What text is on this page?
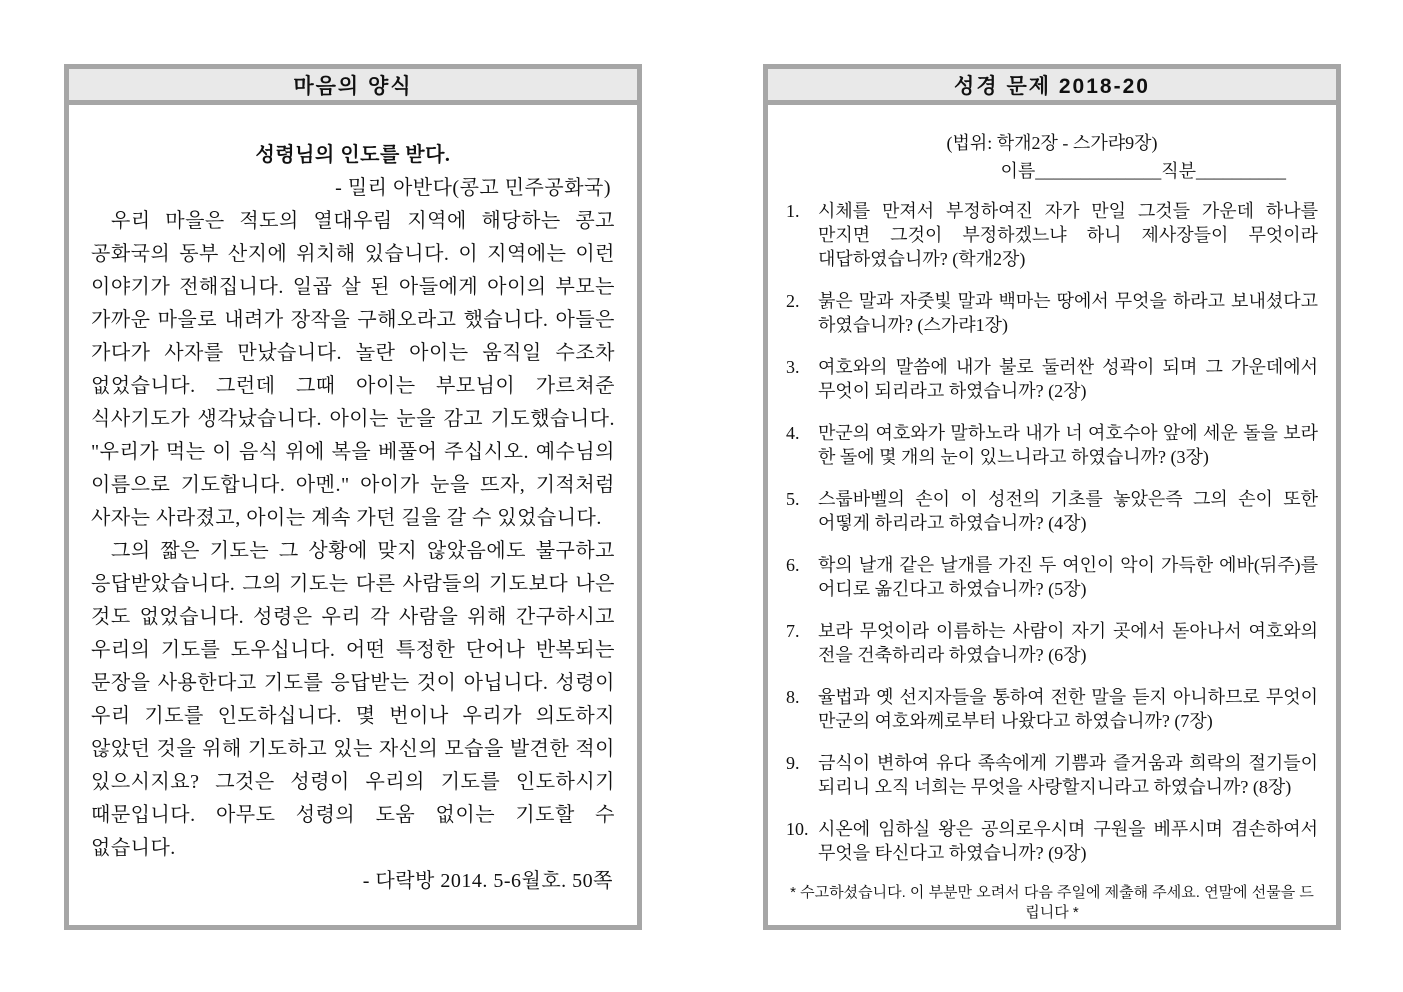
마음의 양식
성령님의 인도를 받다.
- 밀리 아반다(콩고 민주공화국)

우리 마을은 적도의 열대우림 지역에 해당하는 콩고 공화국의 동부 산지에 위치해 있습니다. 이 지역에는 이런 이야기가 전해집니다. 일곱 살 된 아들에게 아이의 부모는 가까운 마을로 내려가 장작을 구해오라고 했습니다. 아들은 가다가 사자를 만났습니다. 놀란 아이는 움직일 수조차 없었습니다. 그런데 그때 아이는 부모님이 가르쳐준 식사기도가 생각났습니다. 아이는 눈을 감고 기도했습니다. "우리가 먹는 이 음식 위에 복을 베풀어 주십시오. 예수님의 이름으로 기도합니다. 아멘." 아이가 눈을 뜨자, 기적처럼 사자는 사라졌고, 아이는 계속 가던 길을 갈 수 있었습니다.

그의 짧은 기도는 그 상황에 맞지 않았음에도 불구하고 응답받았습니다. 그의 기도는 다른 사람들의 기도보다 나은 것도 없었습니다. 성령은 우리 각 사람을 위해 간구하시고 우리의 기도를 도우십니다. 어떤 특정한 단어나 반복되는 문장을 사용한다고 기도를 응답받는 것이 아닙니다. 성령이 우리 기도를 인도하십니다. 몇 번이나 우리가 의도하지 않았던 것을 위해 기도하고 있는 자신의 모습을 발견한 적이 있으시지요? 그것은 성령이 우리의 기도를 인도하시기 때문입니다. 아무도 성령의 도움 없이는 기도할 수 없습니다.

- 다락방 2014. 5-6월호. 50쪽
성경 문제 2018-20
(법위: 학개2장 - 스가랴9장)
이름______________직분__________
1.	시체를 만져서 부정하여진 자가 만일 그것들 가운데 하나를 만지면 그것이 부정하겠느냐 하니 제사장들이 무엇이라 대답하였습니까? (학개2장)
2.	붉은 말과 자줏빛 말과 백마는 땅에서 무엇을 하라고 보내셨다고 하였습니까? (스가랴1장)
3.	여호와의 말씀에 내가 불로 둘러싼 성곽이 되며 그 가운데에서 무엇이 되리라고 하였습니까? (2장)
4.	만군의 여호와가 말하노라 내가 너 여호수아 앞에 세운 돌을 보라 한 돌에 몇 개의 눈이 있느니라고 하였습니까? (3장)
5.	스룹바벨의 손이 이 성전의 기초를 놓았은즉 그의 손이 또한 어떻게 하리라고 하였습니까? (4장)
6.	학의 날개 같은 날개를 가진 두 여인이 악이 가득한 에바(뒤주)를 어디로 옮긴다고 하였습니까? (5장)
7.	보라 무엇이라 이름하는 사람이 자기 곳에서 돋아나서 여호와의 전을 건축하리라 하였습니까? (6장)
8.	율법과 옛 선지자들을 통하여 전한 말을 듣지 아니하므로 무엇이 만군의 여호와께로부터 나왔다고 하였습니까? (7장)
9.	금식이 변하여 유다 족속에게 기쁨과 즐거움과 희락의 절기들이 되리니 오직 너희는 무엇을 사랑할지니라고 하였습니까? (8장)
10. 시온에 임하실 왕은 공의로우시며 구원을 베푸시며 겸손하여서 무엇을 타신다고 하였습니까? (9장)
* 수고하셨습니다. 이 부분만 오려서 다음 주일에 제출해 주세요. 연말에 선물을 드립니다 *
